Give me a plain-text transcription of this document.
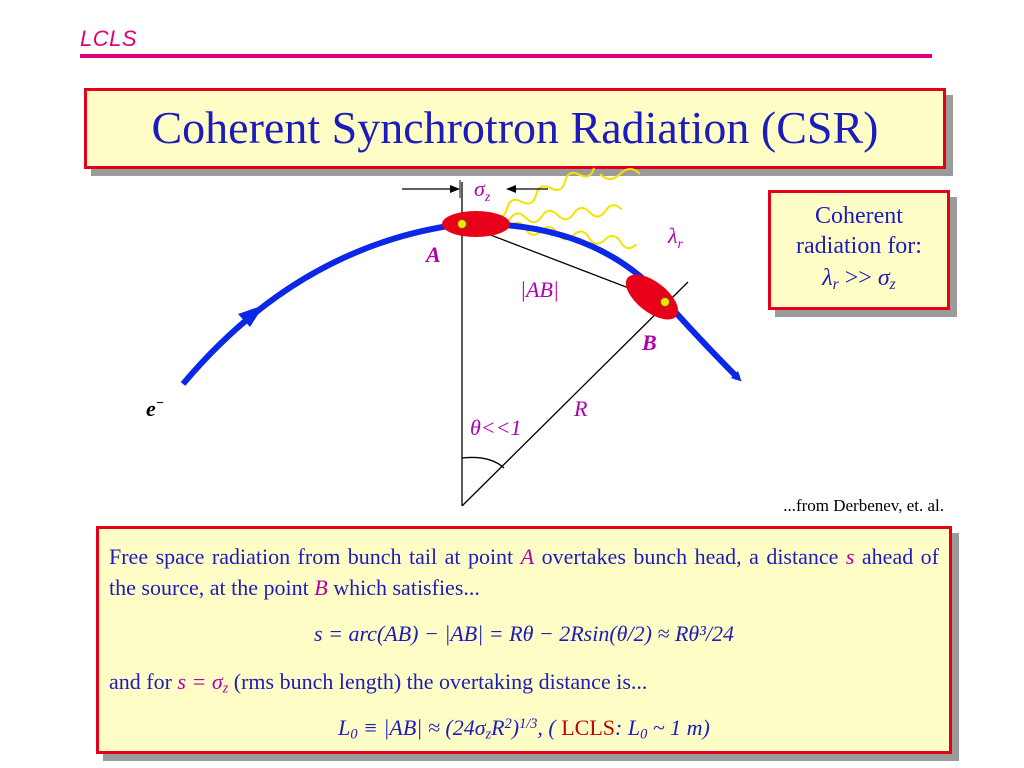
LCLS
Coherent Synchrotron Radiation (CSR)
$\sigma_z$
$\lambda_r$
A
B
|AB|
R
θ<<1
e−
Coherent
radiation for:
$\lambda_r >> \sigma_z$
...from Derbenev, et. al.

Free space radiation from bunch tail at point A overtakes bunch head, a distance s ahead of the source, at the point B which satisfies...

s = arc(AB) − |AB| = Rθ − 2Rsin(θ/2) ≈ Rθ³/24

and for $s = \sigma_z$ (rms bunch length) the overtaking distance is...

$L_0 \equiv |AB| \approx (24\sigma_zR^2)^{1/3}$, ( LCLS: $L_0$ ~ 1 m)
